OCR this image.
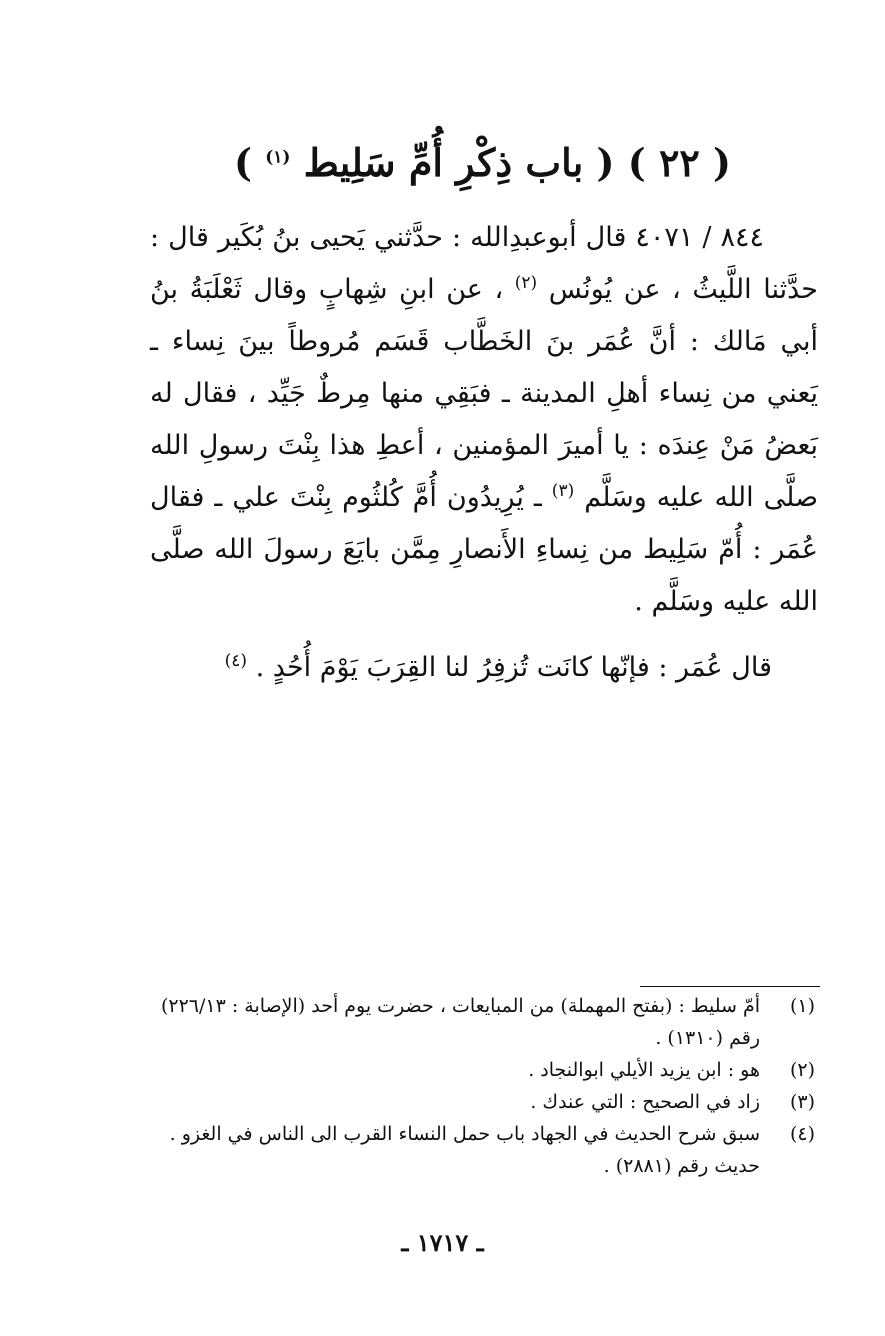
( ٢٢ ) ( باب ذِكْرِ أُمِّ سَلِيط $^{(١)}$ )

٨٤٤ / ٤٠٧١ قال أبوعبدِالله : حدَّثني يَحيى بنُ بُكَير قال : حدَّثنا اللَّيثُ ، عن يُونُس $^{(٢)}$ ، عن ابنِ شِهابٍ وقال ثَعْلَبَةُ بنُ أبي مَالك : أنَّ عُمَر بنَ الخَطَّاب قَسَم مُروطاً بينَ نِساء ـ يَعني من نِساء أهلِ المدينة ـ فبَقِي منها مِرطٌ جَيِّد ، فقال له بَعضُ مَنْ عِندَه : يا أميرَ المؤمنين ، أعطِ هذا بِنْتَ رسولِ الله صلَّى الله عليه وسَلَّم $^{(٣)}$ ـ يُرِيدُون أُمَّ كُلثُوم بِنْتَ علي ـ فقال عُمَر : أُمّ سَلِيط من نِساءِ الأَنصارِ مِمَّن بايَعَ رسولَ الله صلَّى الله عليه وسَلَّم .

قال عُمَر : فإنّها كانَت تُزفِرُ لنا القِرَبَ يَوْمَ أُحُدٍ . $^{(٤)}$

(١)
أمّ سليط : (بفتح المهملة) من المبايعات ، حضرت يوم أحد (الإصابة : ٢٢٦/١٣) رقم (١٣١٠) .
(٢)
هو : ابن يزيد الأيلي ابوالنجاد .
(٣)
زاد في الصحيح : التي عندك .
(٤)
سبق شرح الحديث في الجهاد باب حمل النساء القرب الى الناس في الغزو . حديث رقم (٢٨٨١) .
ـ ١٧١٧ ـ
